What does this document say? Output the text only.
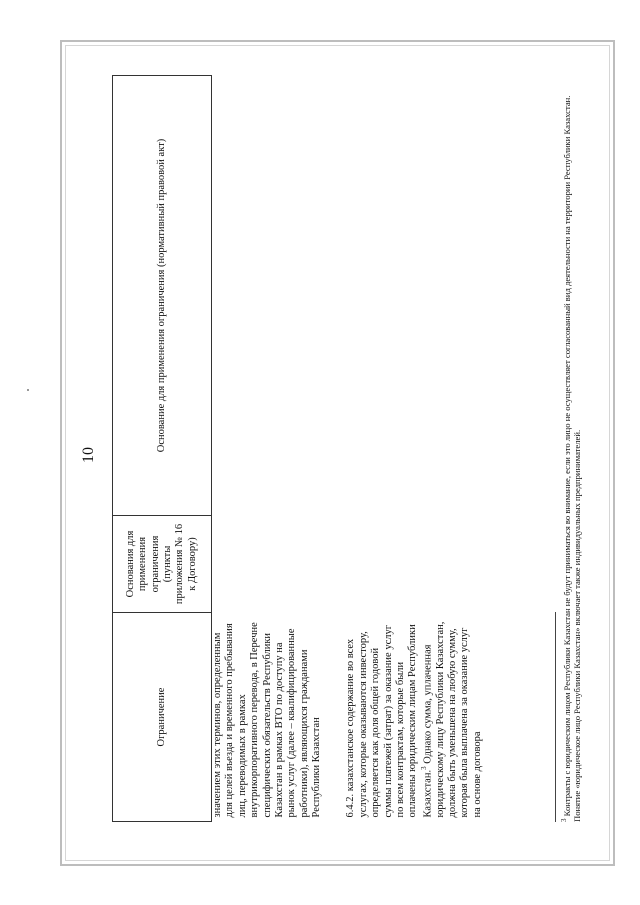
10
Ограничение	Основания для применения ограничения (пункты приложения № 16 к Договору)	Основание для применения ограничения (нормативный правовой акт)

значением этих терминов, определенным для целей въезда и временного пребывания лиц, переводимых в рамках внутрикорпоративного перевода, в Перечне специфических обязательств Республики Казахстан в рамках ВТО по доступу на рынок услуг (далее – квалифицированные работники), являющихся гражданами Республики Казахстан 6.4.2. казахстанское содержание во всех услугах, которые оказываются инвестору, определяется как доля общей годовой суммы платежей (затрат) за оказание услуг по всем контрактам, которые были оплачены юридическим лицам Республики Казахстан.$^3$ Однако сумма, уплаченная юридическому лицу Республики Казахстан, должна быть уменьшена на любую сумму, которая была выплачена за оказание услуг на основе договора		

$^3$ Контракты с юридическим лицом Республики Казахстан не будут приниматься во внимание, если это лицо не осуществляет согласованный вид деятельности на территории Республики Казахстан. Понятие «юридическое лицо Республики Казахстан» включает также индивидуальных предпринимателей.
